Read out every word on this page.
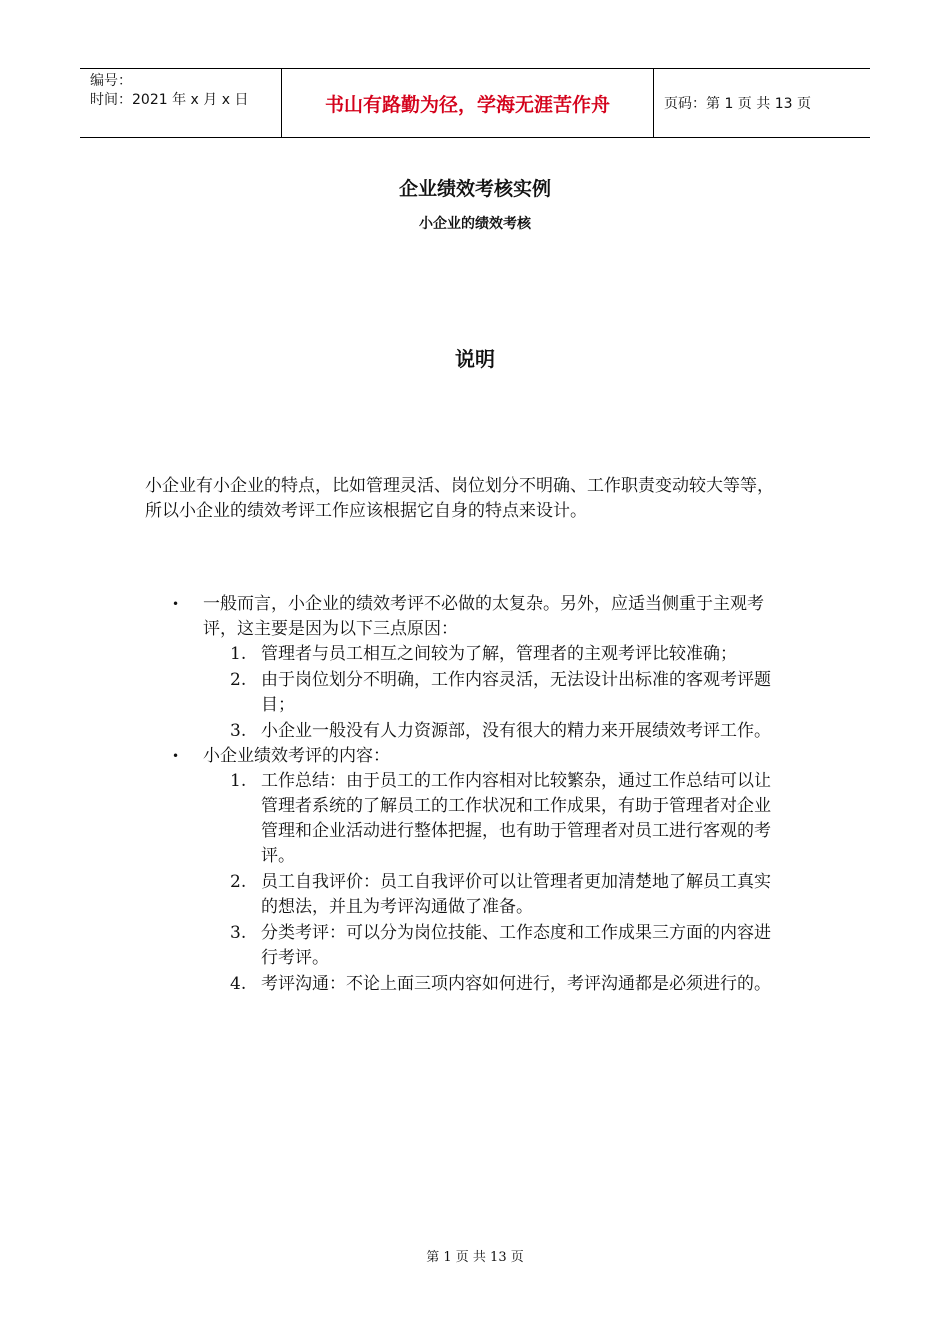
编号：
时间：2021 年 x 月 x 日	书山有路勤为径，学海无涯苦作舟	页码：第 1 页 共 13 页
企业绩效考核实例
小企业的绩效考核
说明

小企业有小企业的特点，比如管理灵活、岗位划分不明确、工作职责变动较大等等，所以小企业的绩效考评工作应该根据它自身的特点来设计。

• 一般而言，小企业的绩效考评不必做的太复杂。另外，应适当侧重于主观考评，这主要是因为以下三点原因：
1. 管理者与员工相互之间较为了解，管理者的主观考评比较准确；
2. 由于岗位划分不明确，工作内容灵活，无法设计出标准的客观考评题目；
3. 小企业一般没有人力资源部，没有很大的精力来开展绩效考评工作。
• 小企业绩效考评的内容：
1. 工作总结：由于员工的工作内容相对比较繁杂，通过工作总结可以让管理者系统的了解员工的工作状况和工作成果，有助于管理者对企业管理和企业活动进行整体把握，也有助于管理者对员工进行客观的考评。
2. 员工自我评价：员工自我评价可以让管理者更加清楚地了解员工真实的想法，并且为考评沟通做了准备。
3. 分类考评：可以分为岗位技能、工作态度和工作成果三方面的内容进行考评。
4. 考评沟通：不论上面三项内容如何进行，考评沟通都是必须进行的。
第 1 页 共 13 页
